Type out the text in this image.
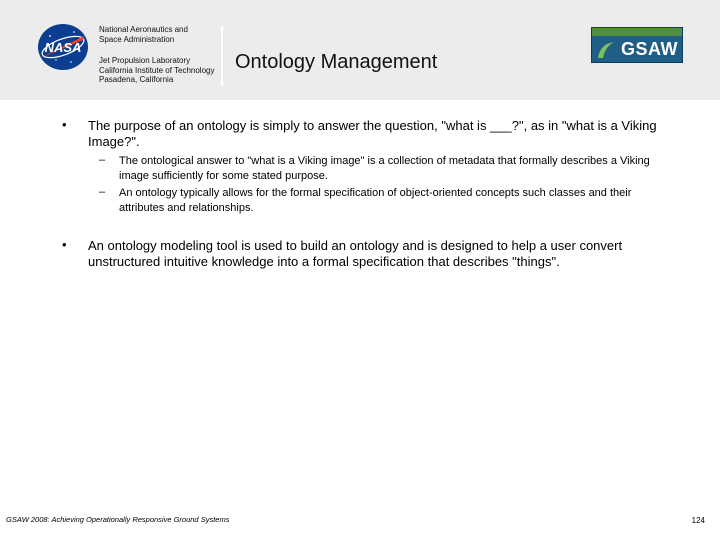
NASA
National Aeronautics and
Space Administration
Jet Propulsion Laboratory
California Institute of Technology
Pasadena, California
Ontology Management
GSAW
• The purpose of an ontology is simply to answer the question, "what is ___?", as in "what is a Viking Image?".
– The ontological answer to "what is a Viking image" is a collection of metadata that formally describes a Viking image sufficiently for some stated purpose.
– An ontology typically allows for the formal specification of object-oriented concepts such classes and their attributes and relationships.
• An ontology modeling tool is used to build an ontology and is designed to help a user convert unstructured intuitive knowledge into a formal specification that describes "things".
GSAW 2008: Achieving Operationally Responsive Ground Systems	124
